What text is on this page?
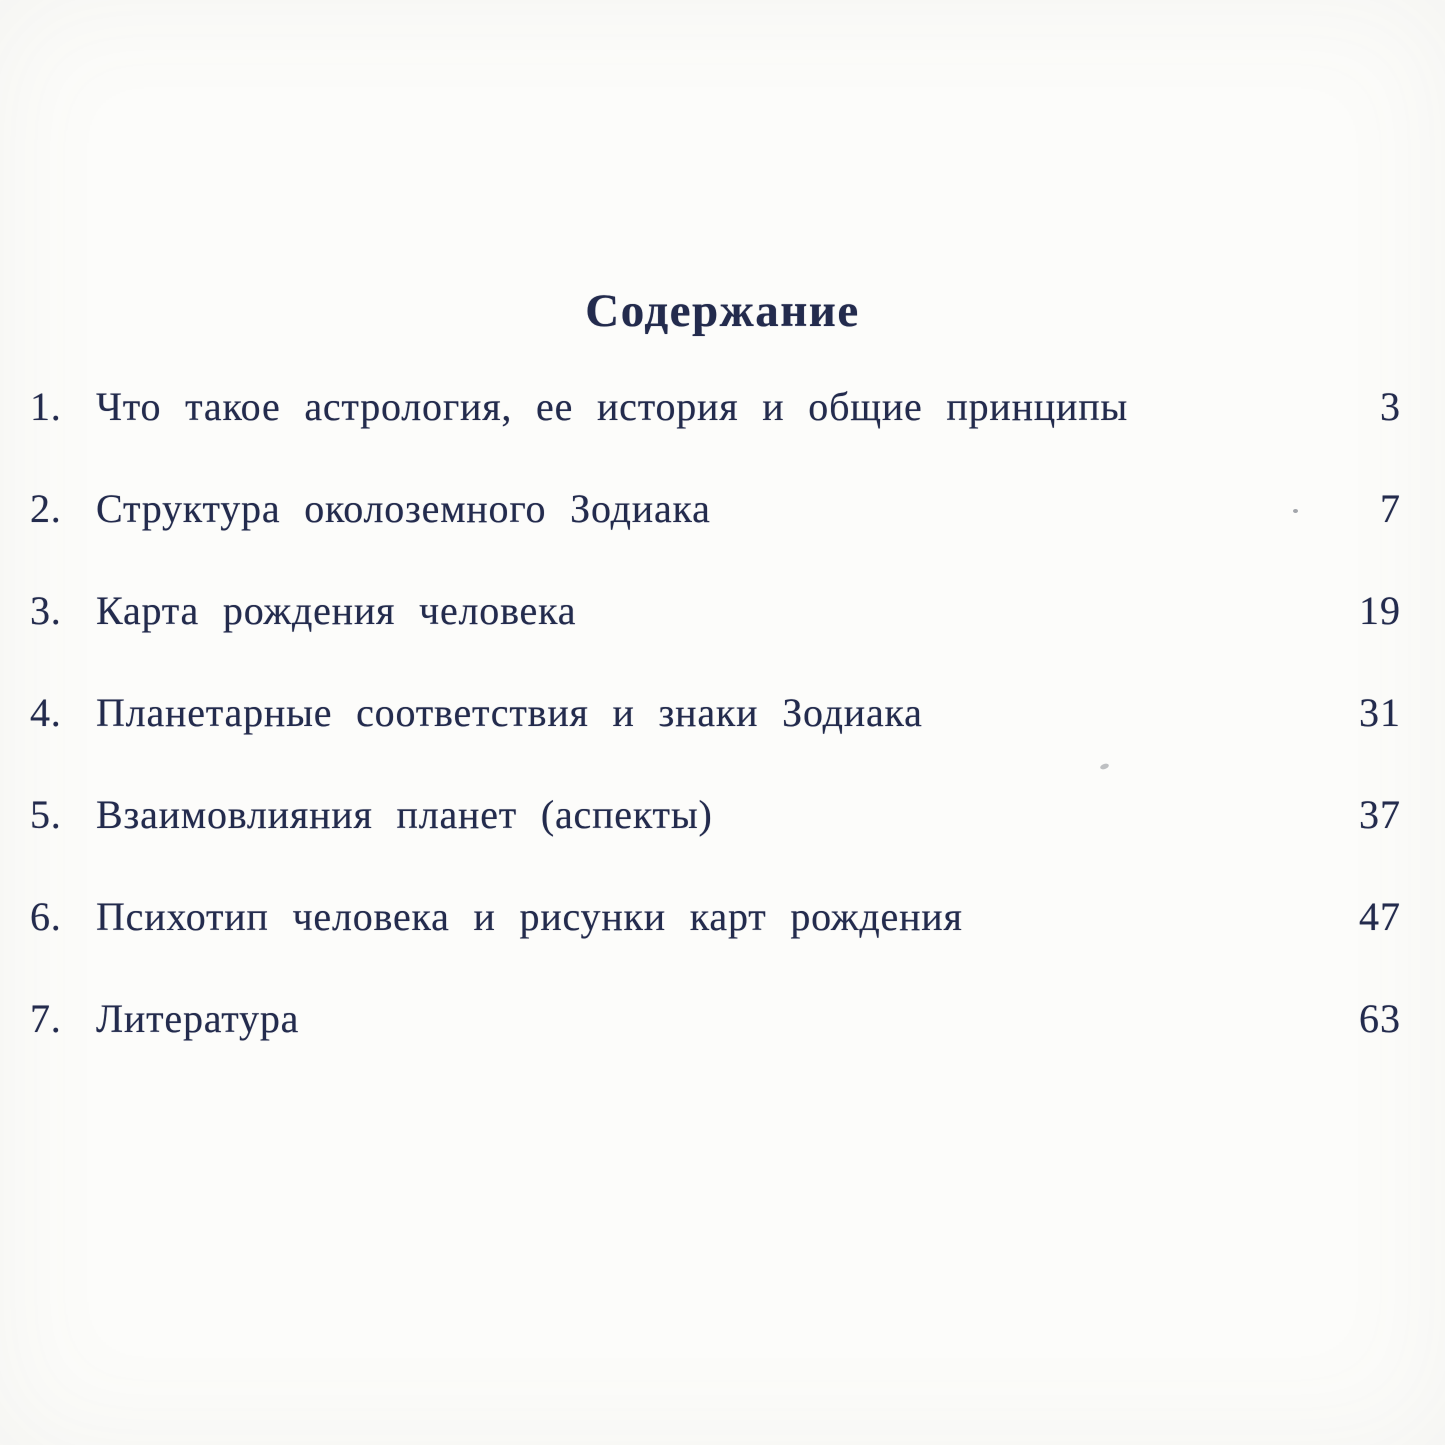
Содержание
1. Что такое астрология, ее история и общие принципы	3
2. Структура околоземного Зодиака	7
3. Карта рождения человека	19
4. Планетарные соответствия и знаки Зодиака	31
5. Взаимовлияния планет (аспекты)	37
6. Психотип человека и рисунки карт рождения	47
7. Литература	63
